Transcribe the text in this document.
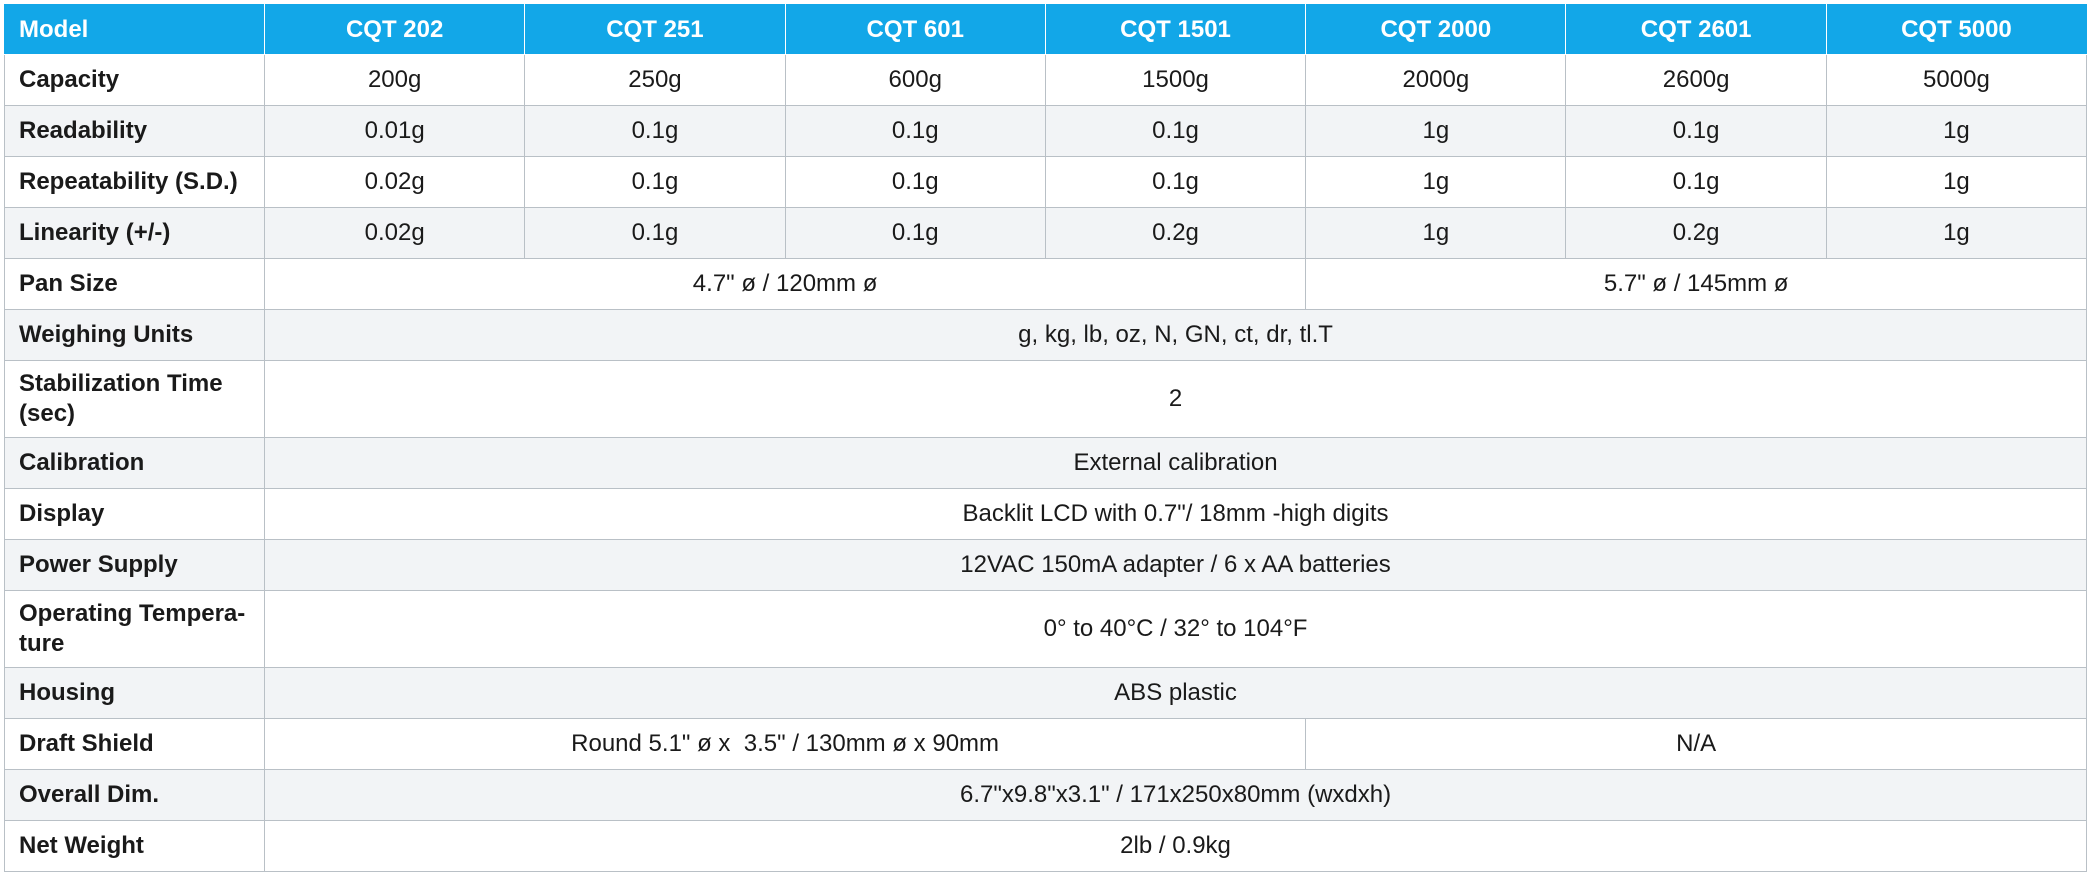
Model	CQT 202	CQT 251	CQT 601	CQT 1501	CQT 2000	CQT 2601	CQT 5000
Capacity	200g	250g	600g	1500g	2000g	2600g	5000g
Readability	0.01g	0.1g	0.1g	0.1g	1g	0.1g	1g
Repeatability (S.D.)	0.02g	0.1g	0.1g	0.1g	1g	0.1g	1g
Linearity (+/-)	0.02g	0.1g	0.1g	0.2g	1g	0.2g	1g
Pan Size	4.7" ø / 120mm ø				5.7" ø / 145mm ø		
Weighing Units	g, kg, lb, oz, N, GN, ct, dr, tl.T						
Stabilization Time
(sec)	2						
Calibration	External calibration						
Display	Backlit LCD with 0.7"/ 18mm -high digits						
Power Supply	12VAC 150mA adapter / 6 x AA batteries						
Operating Tempera-
ture	0° to 40°C / 32° to 104°F						
Housing	ABS plastic						
Draft Shield	Round 5.1" ø x  3.5" / 130mm ø x 90mm				N/A		
Overall Dim.	6.7"x9.8"x3.1" / 171x250x80mm (wxdxh)						
Net Weight	2lb / 0.9kg						
